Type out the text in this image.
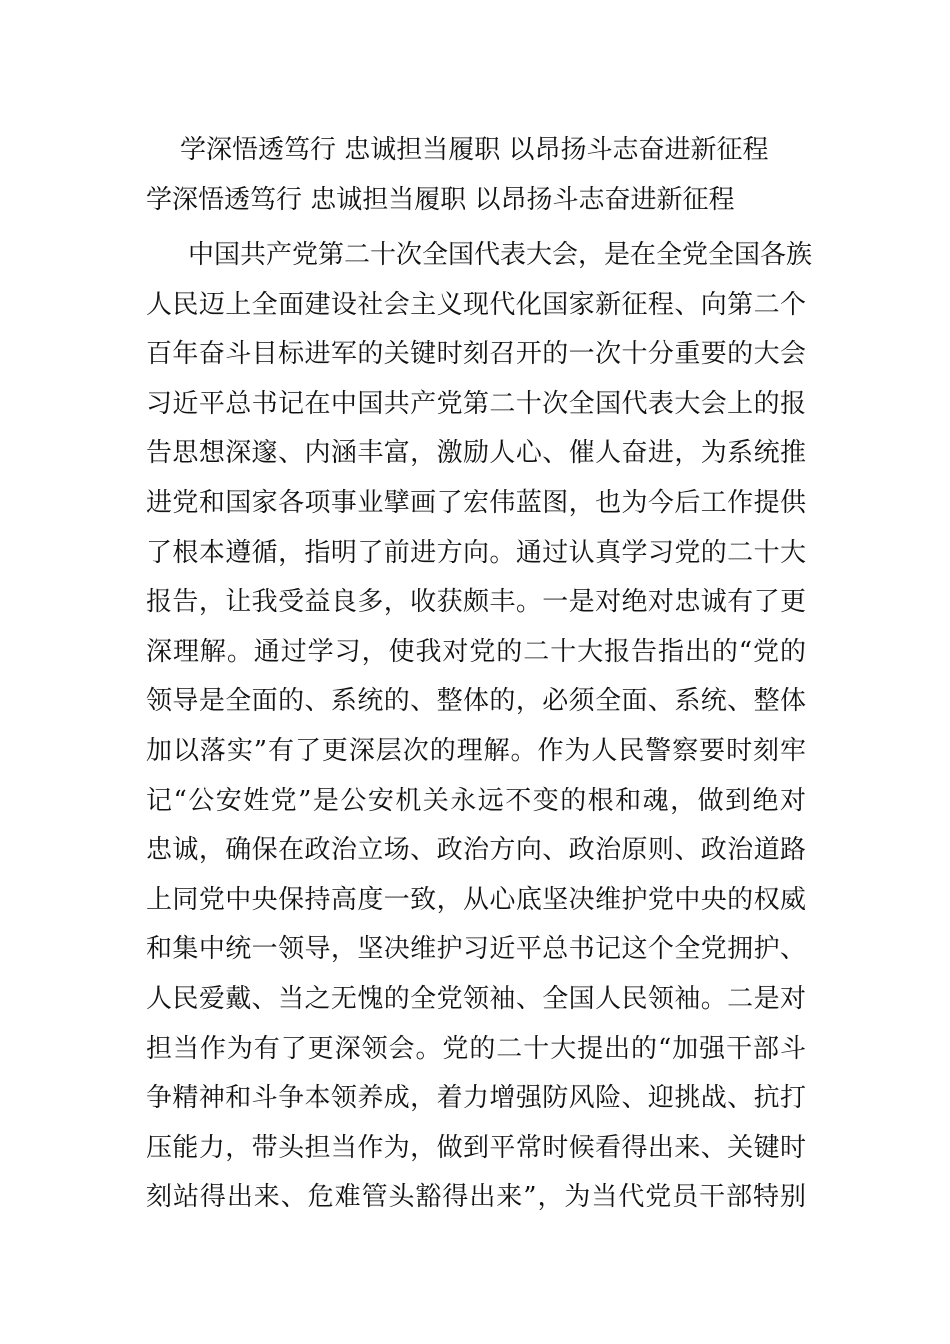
学深悟透笃行 忠诚担当履职 以昂扬斗志奋进新征程
学深悟透笃行 忠诚担当履职 以昂扬斗志奋进新征程
中国共产党第二十次全国代表大会，是在全党全国各族
人民迈上全面建设社会主义现代化国家新征程、向第二个
百年奋斗目标进军的关键时刻召开的一次十分重要的大会
习近平总书记在中国共产党第二十次全国代表大会上的报
告思想深邃、内涵丰富，激励人心、催人奋进，为系统推
进党和国家各项事业擘画了宏伟蓝图，也为今后工作提供
了根本遵循，指明了前进方向。通过认真学习党的二十大
报告，让我受益良多，收获颇丰。一是对绝对忠诚有了更
深理解。通过学习，使我对党的二十大报告指出的“党的
领导是全面的、系统的、整体的，必须全面、系统、整体
加以落实”有了更深层次的理解。作为人民警察要时刻牢
记“公安姓党”是公安机关永远不变的根和魂，做到绝对
忠诚，确保在政治立场、政治方向、政治原则、政治道路
上同党中央保持高度一致，从心底坚决维护党中央的权威
和集中统一领导，坚决维护习近平总书记这个全党拥护、
人民爱戴、当之无愧的全党领袖、全国人民领袖。二是对
担当作为有了更深领会。党的二十大提出的“加强干部斗
争精神和斗争本领养成，着力增强防风险、迎挑战、抗打
压能力，带头担当作为，做到平常时候看得出来、关键时
刻站得出来、危难管头豁得出来”，为当代党员干部特别
